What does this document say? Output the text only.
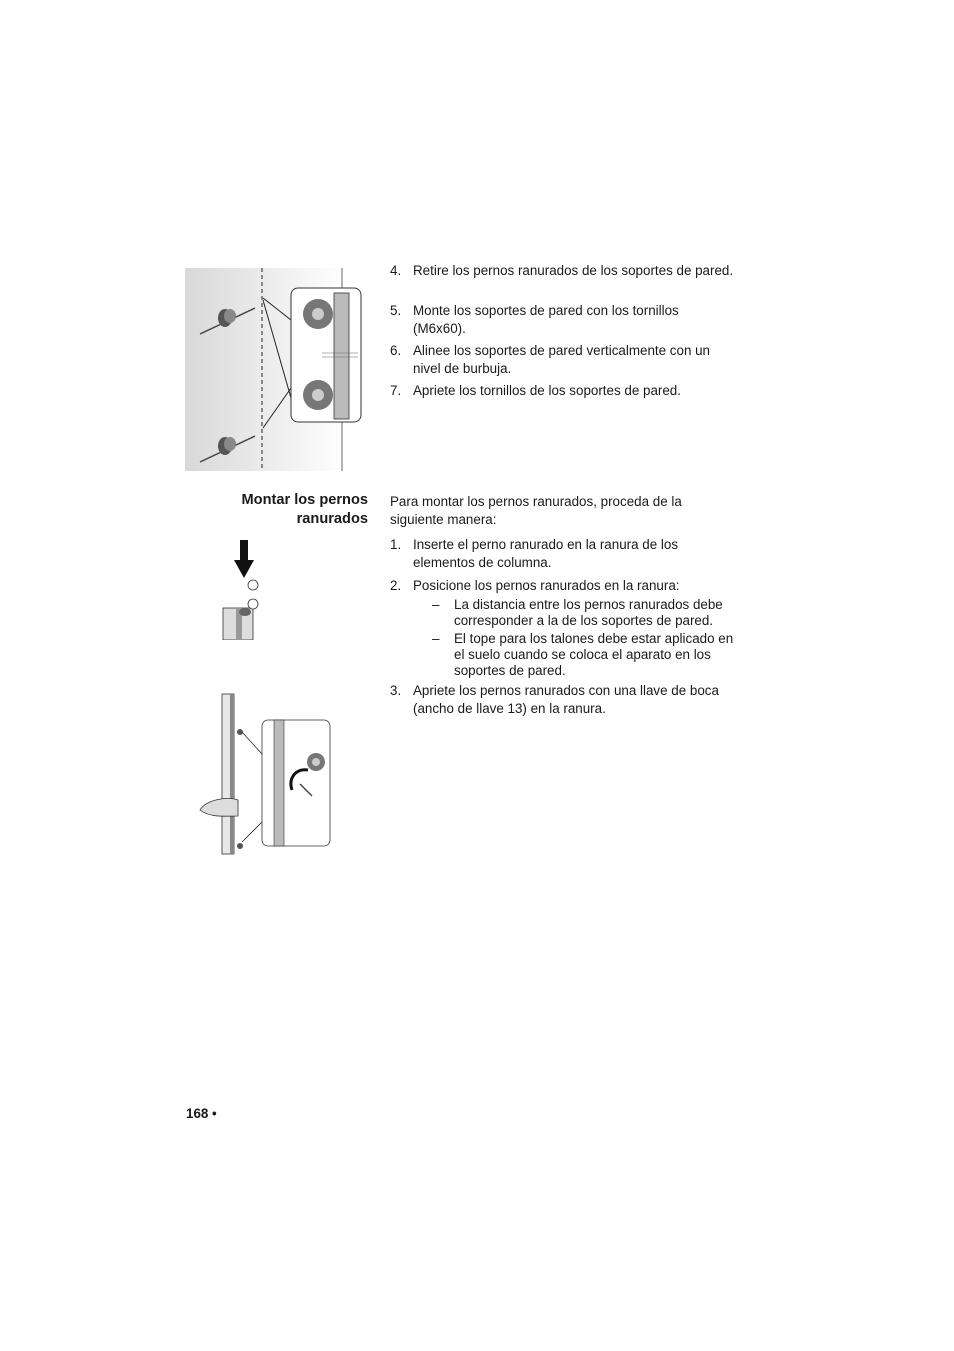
4. Retire los pernos ranurados de los soportes de pared.
5. Monte los soportes de pared con los tornillos (M6x60).
6. Alinee los soportes de pared verticalmente con un nivel de burbuja.
7. Apriete los tornillos de los soportes de pared.
Montar los pernos ranurados
Para montar los pernos ranurados, proceda de la siguiente manera:
1. Inserte el perno ranurado en la ranura de los elementos de columna.
2. Posicione los pernos ranurados en la ranura:
– La distancia entre los pernos ranurados debe corresponder a la de los soportes de pared.
– El tope para los talones debe estar aplicado en el suelo cuando se coloca el aparato en los soportes de pared.
3. Apriete los pernos ranurados con una llave de boca (ancho de llave 13) en la ranura.
168 •
